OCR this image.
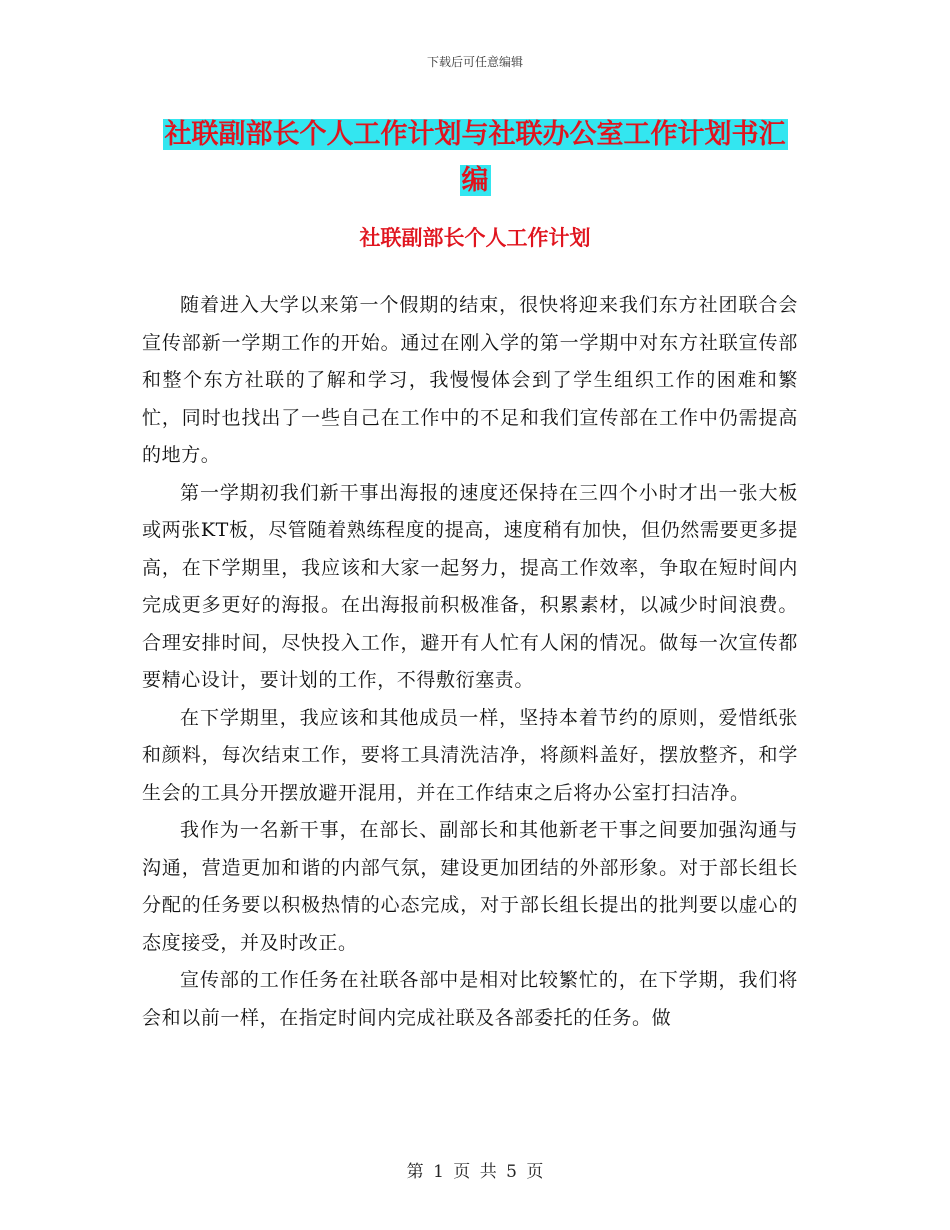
下载后可任意编辑
社联副部长个人工作计划与社联办公室工作计划书汇
编
社联副部长个人工作计划

随着进入大学以来第一个假期的结束，很快将迎来我们东方社团联合会宣传部新一学期工作的开始。通过在刚入学的第一学期中对东方社联宣传部和整个东方社联的了解和学习，我慢慢体会到了学生组织工作的困难和繁忙，同时也找出了一些自己在工作中的不足和我们宣传部在工作中仍需提高的地方。

第一学期初我们新干事出海报的速度还保持在三四个小时才出一张大板或两张KT板，尽管随着熟练程度的提高，速度稍有加快，但仍然需要更多提高，在下学期里，我应该和大家一起努力，提高工作效率，争取在短时间内完成更多更好的海报。在出海报前积极准备，积累素材，以减少时间浪费。合理安排时间，尽快投入工作，避开有人忙有人闲的情况。做每一次宣传都要精心设计，要计划的工作，不得敷衍塞责。

在下学期里，我应该和其他成员一样，坚持本着节约的原则，爱惜纸张和颜料，每次结束工作，要将工具清洗洁净，将颜料盖好，摆放整齐，和学生会的工具分开摆放避开混用，并在工作结束之后将办公室打扫洁净。

我作为一名新干事，在部长、副部长和其他新老干事之间要加强沟通与沟通，营造更加和谐的内部气氛，建设更加团结的外部形象。对于部长组长分配的任务要以积极热情的心态完成，对于部长组长提出的批判要以虚心的态度接受，并及时改正。

宣传部的工作任务在社联各部中是相对比较繁忙的，在下学期，我们将会和以前一样，在指定时间内完成社联及各部委托的任务。做

第 1 页 共 5 页
